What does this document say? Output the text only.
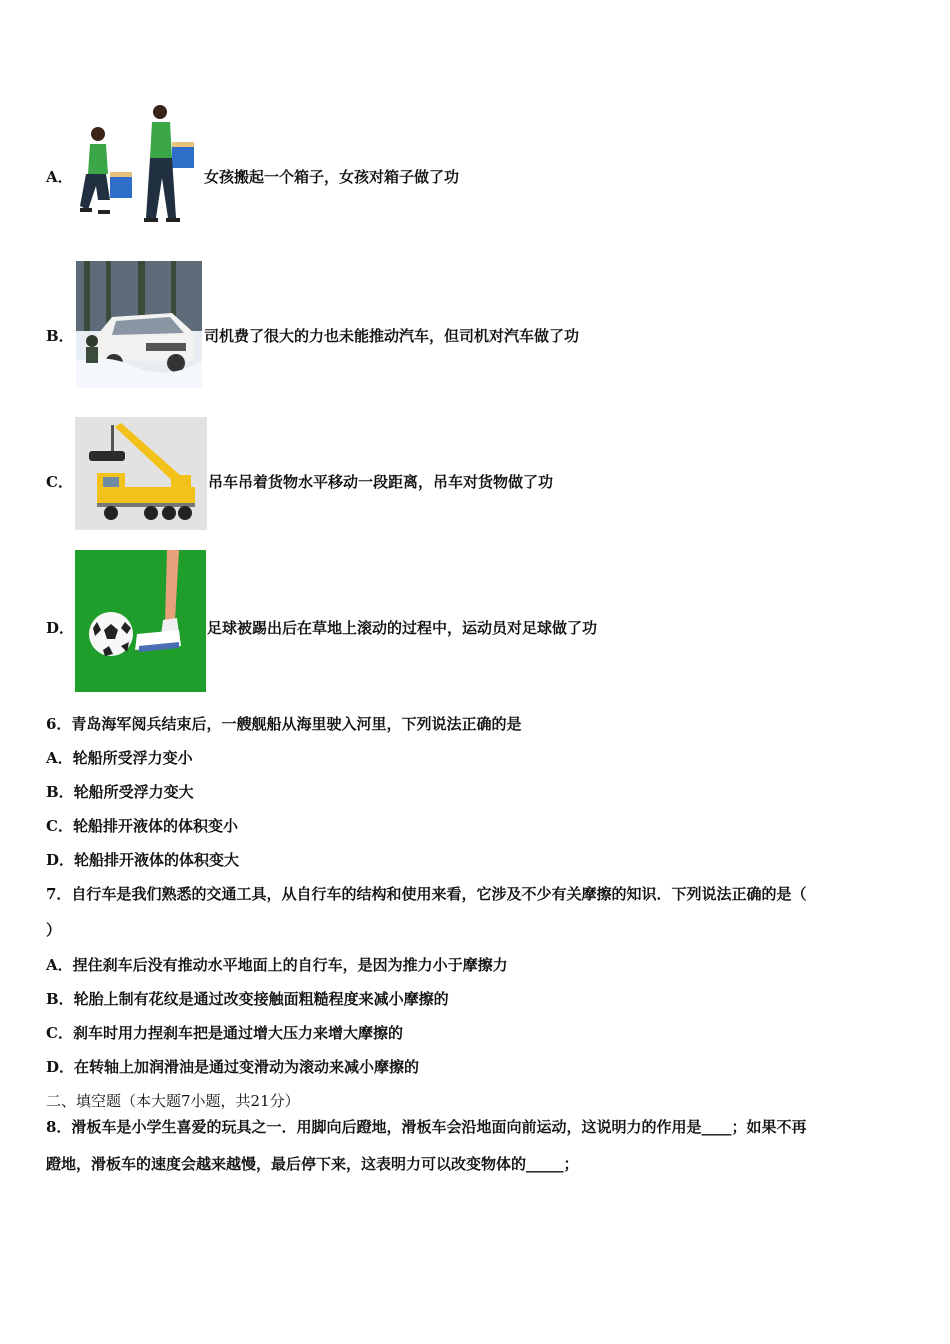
A．	女孩搬起一个箱子，女孩对箱子做了功
B．	司机费了很大的力也未能推动汽车，但司机对汽车做了功
C．	吊车吊着货物水平移动一段距离，吊车对货物做了功
D．	足球被踢出后在草地上滚动的过程中，运动员对足球做了功
6．青岛海军阅兵结束后，一艘舰船从海里驶入河里，下列说法正确的是
A．轮船所受浮力变小
B．轮船所受浮力变大
C．轮船排开液体的体积变小
D．轮船排开液体的体积变大
7．自行车是我们熟悉的交通工具，从自行车的结构和使用来看，它涉及不少有关摩擦的知识．下列说法正确的是（
）
A．捏住刹车后没有推动水平地面上的自行车，是因为推力小于摩擦力
B．轮胎上制有花纹是通过改变接触面粗糙程度来减小摩擦的
C．刹车时用力捏刹车把是通过增大压力来增大摩擦的
D．在转轴上加润滑油是通过变滑动为滚动来减小摩擦的
二、填空题（本大题7小题，共21分）
8．滑板车是小学生喜爱的玩具之一．用脚向后蹬地，滑板车会沿地面向前运动，这说明力的作用是____；如果不再
蹬地，滑板车的速度会越来越慢，最后停下来，这表明力可以改变物体的_____；
